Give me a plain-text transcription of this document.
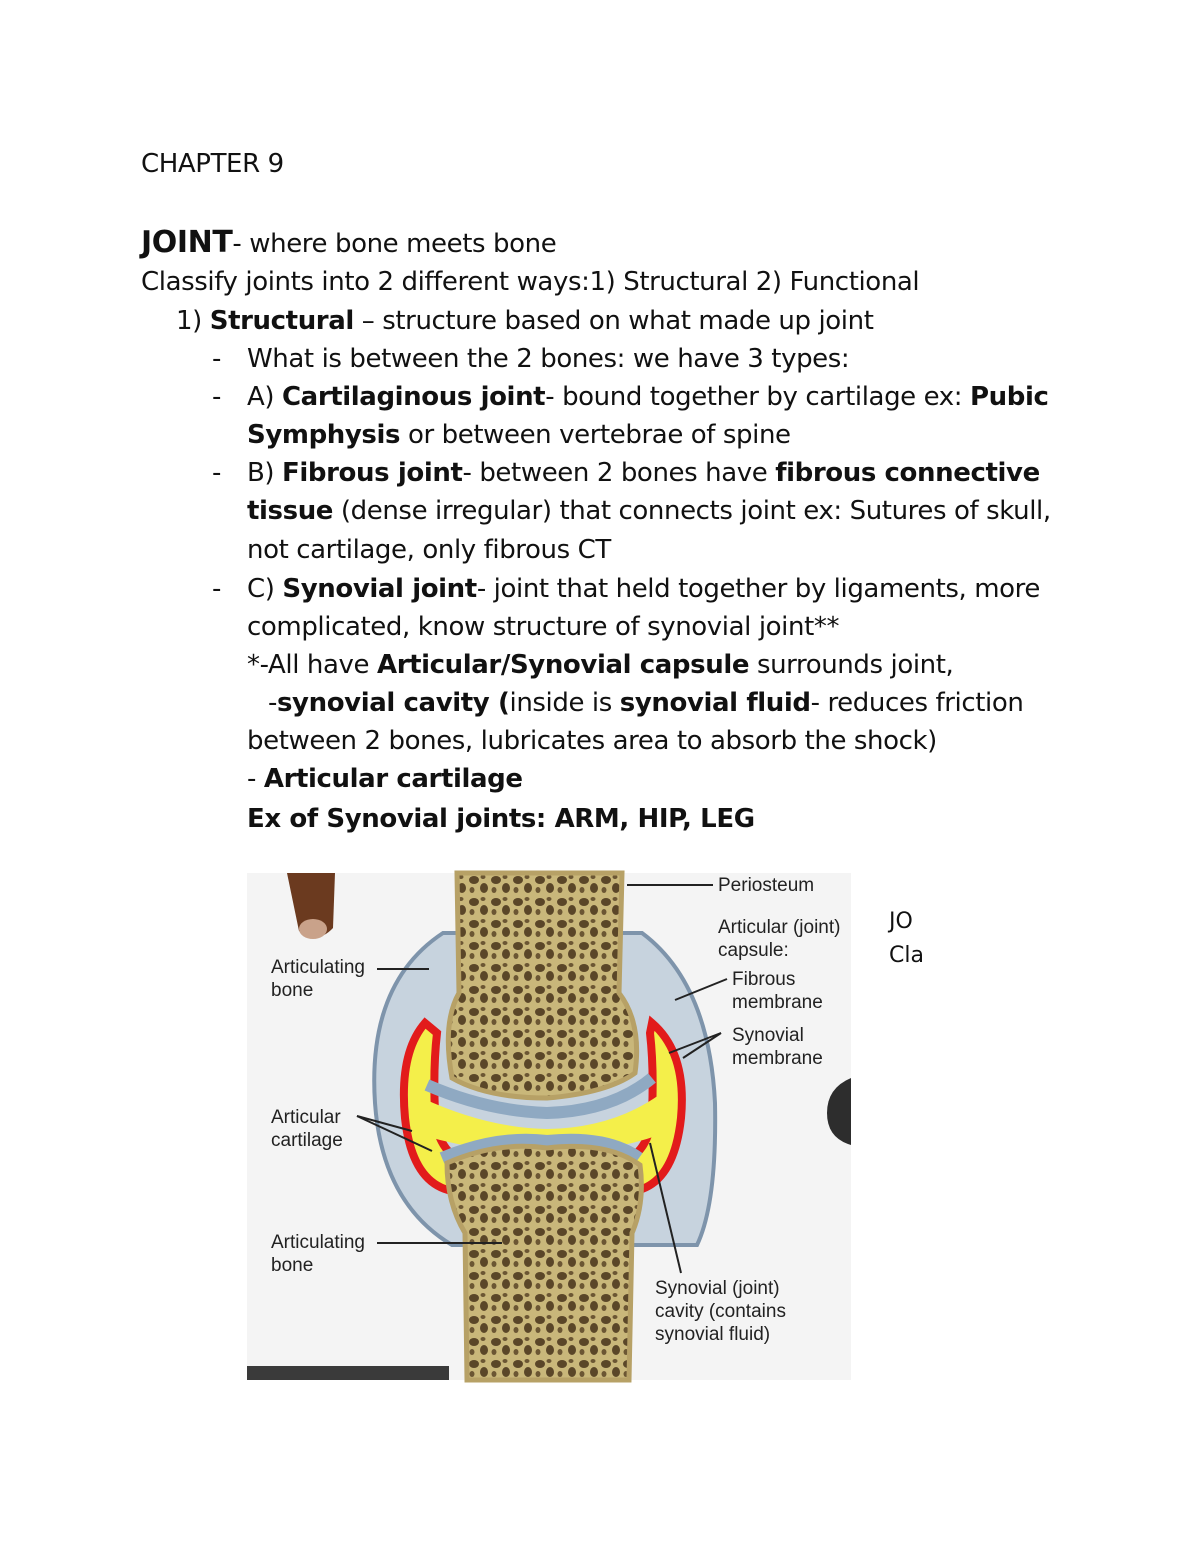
CHAPTER 9
JOINT- where bone meets bone
Classify joints into 2 different ways:1) Structural 2) Functional
1) Structural – structure based on what made up joint
- What is between the 2 bones: we have 3 types:
- A) Cartilaginous joint- bound together by cartilage ex: Pubic
Symphysis or between vertebrae of spine
- B) Fibrous joint- between 2 bones have fibrous connective
tissue (dense irregular) that connects joint ex: Sutures of skull,
not cartilage, only fibrous CT
- C) Synovial joint- joint that held together by ligaments, more
complicated, know structure of synovial joint**
*-All have Articular/Synovial capsule surrounds joint,
-synovial cavity (inside is synovial fluid- reduces friction
between 2 bones, lubricates area to absorb the shock)
- Articular cartilage
Ex of Synovial joints: ARM, HIP, LEG
Periosteum
Articular (joint)
capsule:
Fibrous
membrane
Synovial
membrane
Articulating
bone
Articular
cartilage
Articulating
bone
Synovial (joint)
cavity (contains
synovial fluid)
JO
Cla
